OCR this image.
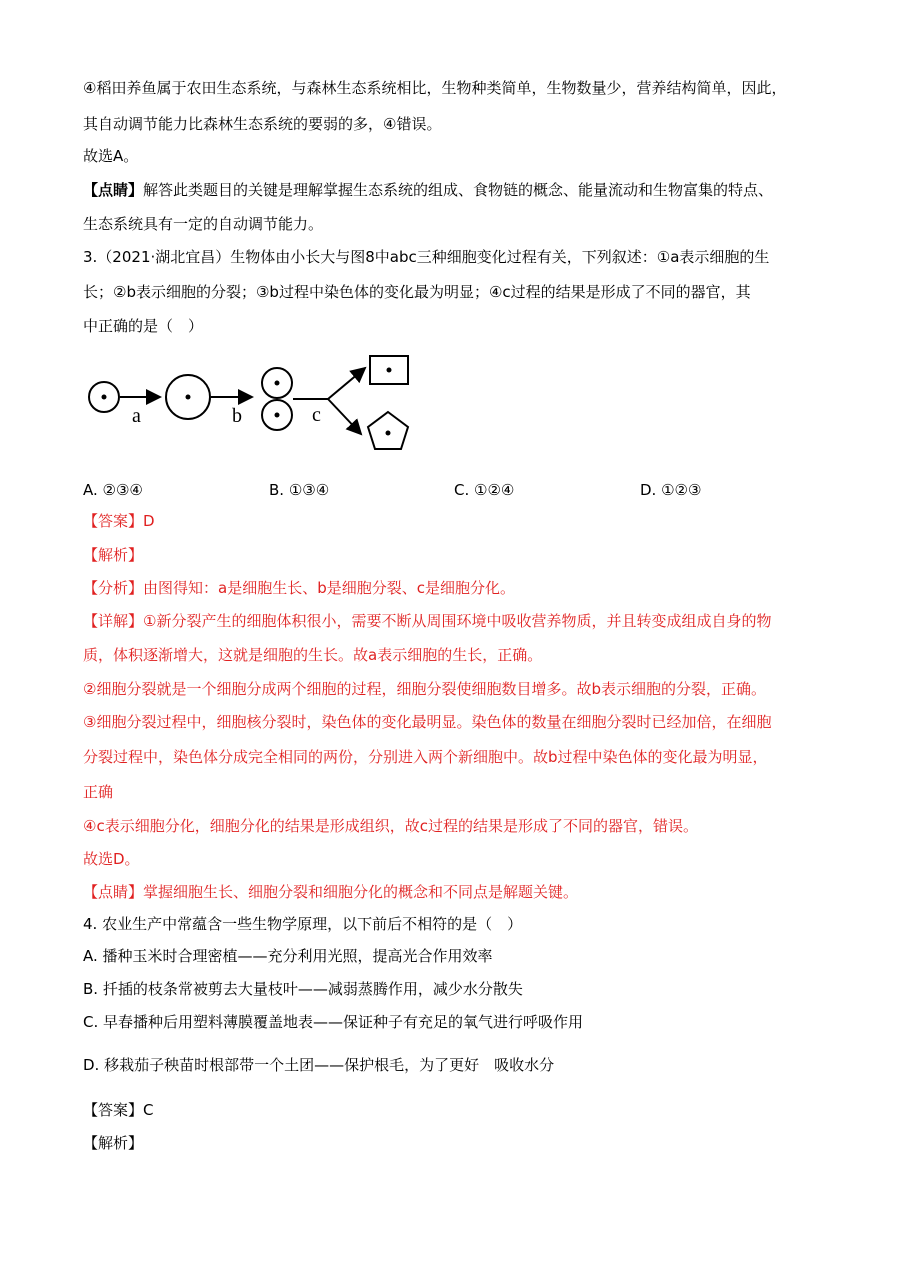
④稻田养鱼属于农田生态系统，与森林生态系统相比，生物种类简单，生物数量少，营养结构简单，因此，
其自动调节能力比森林生态系统的要弱的多，④错误。
故选A。
【点睛】解答此类题目的关键是理解掌握生态系统的组成、食物链的概念、能量流动和生物富集的特点、
生态系统具有一定的自动调节能力。
3.（2021·湖北宜昌）生物体由小长大与图8中abc三种细胞变化过程有关，下列叙述：①a表示细胞的生
长；②b表示细胞的分裂；③b过程中染色体的变化最为明显；④c过程的结果是形成了不同的器官，其
中正确的是（　）
a	b	c
A. ②③④	B. ①③④	C. ①②④	D. ①②③
【答案】D
【解析】
【分析】由图得知：a是细胞生长、b是细胞分裂、c是细胞分化。
【详解】①新分裂产生的细胞体积很小，需要不断从周围环境中吸收营养物质，并且转变成组成自身的物
质，体积逐渐增大，这就是细胞的生长。故a表示细胞的生长，正确。
②细胞分裂就是一个细胞分成两个细胞的过程，细胞分裂使细胞数目增多。故b表示细胞的分裂，正确。
③细胞分裂过程中，细胞核分裂时，染色体的变化最明显。染色体的数量在细胞分裂时已经加倍，在细胞
分裂过程中，染色体分成完全相同的两份，分别进入两个新细胞中。故b过程中染色体的变化最为明显，
正确
④c表示细胞分化，细胞分化的结果是形成组织，故c过程的结果是形成了不同的器官，错误。
故选D。
【点睛】掌握细胞生长、细胞分裂和细胞分化的概念和不同点是解题关键。
4. 农业生产中常蕴含一些生物学原理，以下前后不相符的是（　）
A. 播种玉米时合理密植——充分利用光照，提高光合作用效率
B. 扦插的枝条常被剪去大量枝叶——减弱蒸腾作用，减少水分散失
C. 早春播种后用塑料薄膜覆盖地表——保证种子有充足的氧气进行呼吸作用
D. 移栽茄子秧苗时根部带一个土团——保护根毛，为了更好　吸收水分
【答案】C
【解析】
